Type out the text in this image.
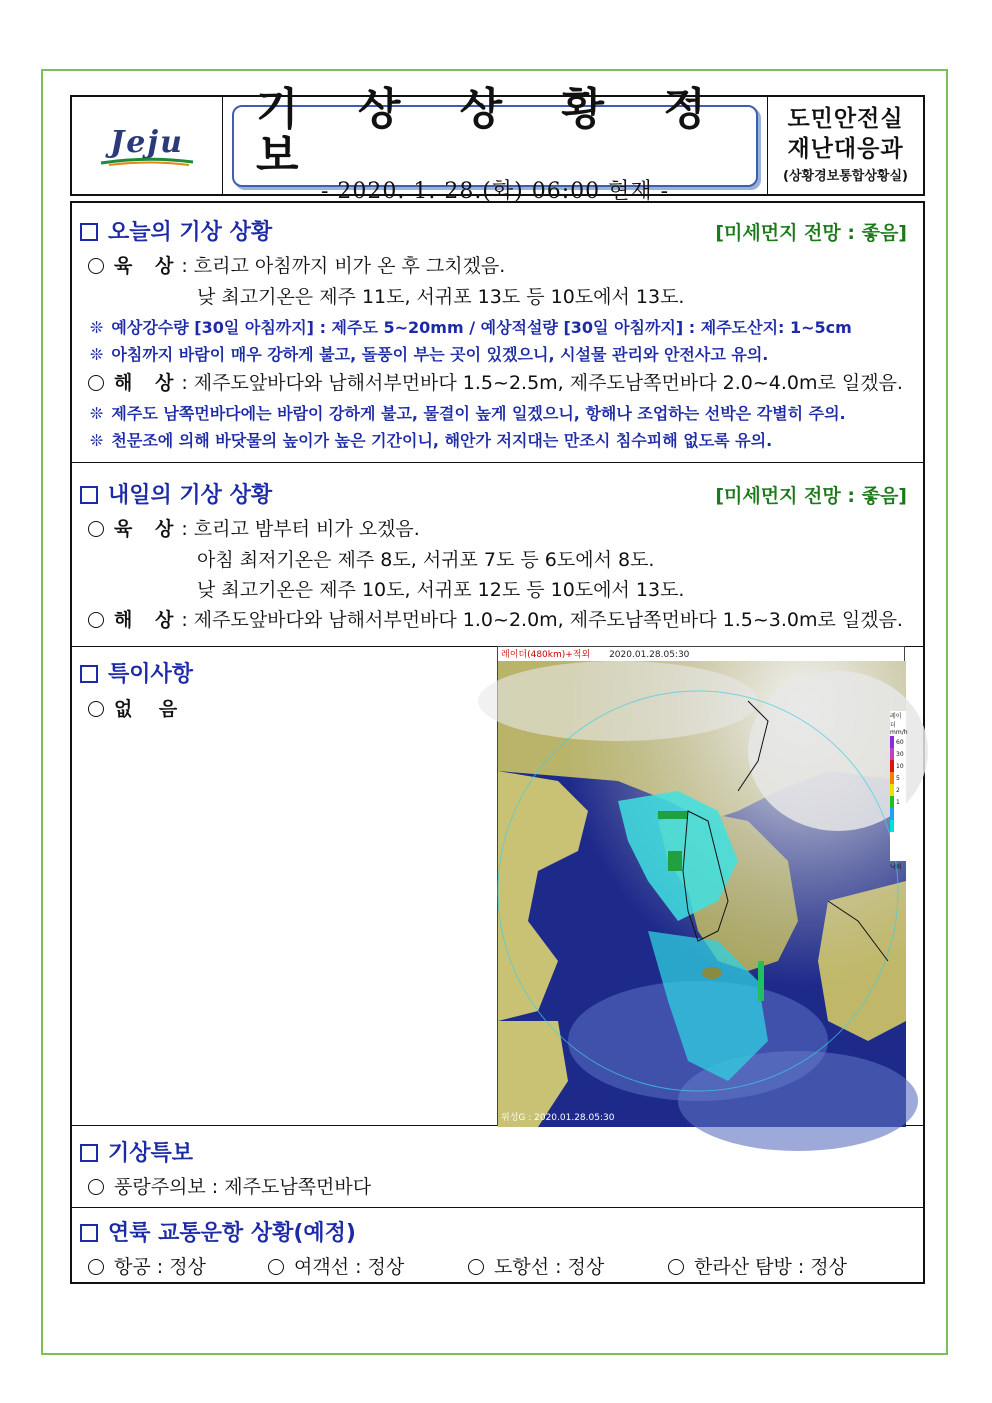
Jeju
기 상 상 황 정 보
- 2020. 1. 28.(화) 06:00 현재 -
도민안전실
재난대응과
(상황경보통합상황실)
오늘의 기상 상황	[미세먼지 전망 : 좋음]
육 상: 흐리고 아침까지 비가 온 후 그치겠음.
낮 최고기온은 제주 11도, 서귀포 13도 등 10도에서 13도.
❊ 예상강수량 [30일 아침까지] : 제주도 5~20mm / 예상적설량 [30일 아침까지] : 제주도산지: 1~5cm
❊ 아침까지 바람이 매우 강하게 불고, 돌풍이 부는 곳이 있겠으니, 시설물 관리와 안전사고 유의.
해 상: 제주도앞바다와 남해서부먼바다 1.5~2.5m, 제주도남쪽먼바다 2.0~4.0m로 일겠음.
❊ 제주도 남쪽먼바다에는 바람이 강하게 불고, 물결이 높게 일겠으니, 항해나 조업하는 선박은 각별히 주의.
❊ 천문조에 의해 바닷물의 높이가 높은 기간이니, 해안가 저지대는 만조시 침수피해 없도록 유의.
내일의 기상 상황	[미세먼지 전망 : 좋음]
육 상: 흐리고 밤부터 비가 오겠음.
아침 최저기온은 제주 8도, 서귀포 7도 등 6도에서 8도.
낮 최고기온은 제주 10도, 서귀포 12도 등 10도에서 13도.
해 상: 제주도앞바다와 남해서부먼바다 1.0~2.0m, 제주도남쪽먼바다 1.5~3.0m로 일겠음.
특이사항
없    음
레이더(480km)+적외 2020.01.28.05:30
레이더
mm/h
60
30
10
5
2
1
낙뢰
위성G : 2020.01.28.05:30
기상특보
풍랑주의보 : 제주도남쪽먼바다
연륙 교통운항 상황(예정)
항공 : 정상	여객선 : 정상	도항선 : 정상	한라산 탐방 : 정상
